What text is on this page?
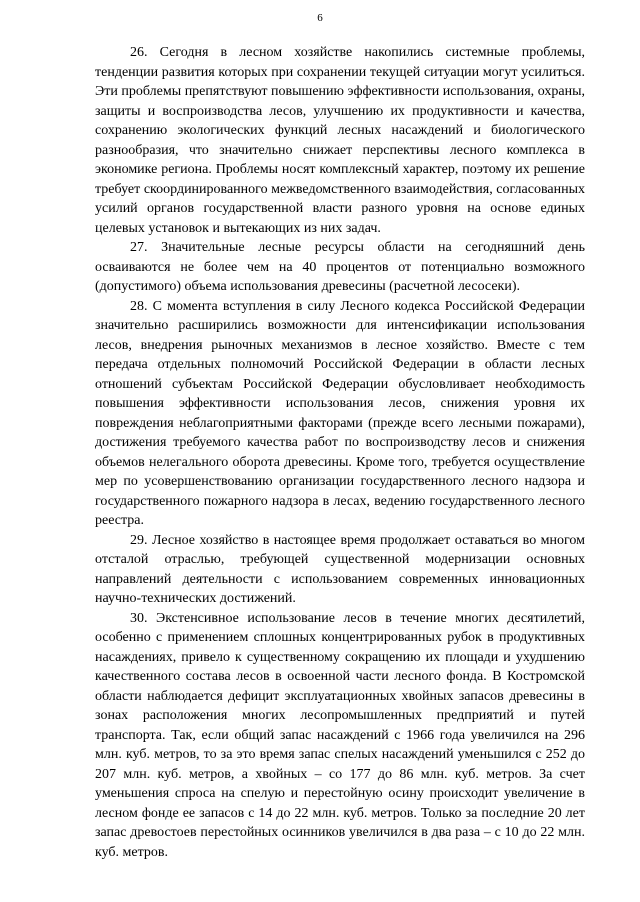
6

26. Сегодня в лесном хозяйстве накопились системные проблемы, тенденции развития которых при сохранении текущей ситуации могут усилиться. Эти проблемы препятствуют повышению эффективности использования, охраны, защиты и воспроизводства лесов, улучшению их продуктивности и качества, сохранению экологических функций лесных насаждений и биологического разнообразия, что значительно снижает перспективы лесного комплекса в экономике региона. Проблемы носят комплексный характер, поэтому их решение требует скоординированного межведомственного взаимодействия, согласованных усилий органов государственной власти разного уровня на основе единых целевых установок и вытекающих из них задач.

27. Значительные лесные ресурсы области на сегодняшний день осваиваются не более чем на 40 процентов от потенциально возможного (допустимого) объема использования древесины (расчетной лесосеки).

28. С момента вступления в силу Лесного кодекса Российской Федерации значительно расширились возможности для интенсификации использования лесов, внедрения рыночных механизмов в лесное хозяйство. Вместе с тем передача отдельных полномочий Российской Федерации в области лесных отношений субъектам Российской Федерации обусловливает необходимость повышения эффективности использования лесов, снижения уровня их повреждения неблагоприятными факторами (прежде всего лесными пожарами), достижения требуемого качества работ по воспроизводству лесов и снижения объемов нелегального оборота древесины. Кроме того, требуется осуществление мер по усовершенствованию организации государственного лесного надзора и государственного пожарного надзора в лесах, ведению государственного лесного реестра.

29. Лесное хозяйство в настоящее время продолжает оставаться во многом отсталой отраслью, требующей существенной модернизации основных направлений деятельности с использованием современных инновационных научно-технических достижений.

30. Экстенсивное использование лесов в течение многих десятилетий, особенно с применением сплошных концентрированных рубок в продуктивных насаждениях, привело к существенному сокращению их площади и ухудшению качественного состава лесов в освоенной части лесного фонда. В Костромской области наблюдается дефицит эксплуатационных хвойных запасов древесины в зонах расположения многих лесопромышленных предприятий и путей транспорта. Так, если общий запас насаждений с 1966 года увеличился на 296 млн. куб. метров, то за это время запас спелых насаждений уменьшился с 252 до 207 млн. куб. метров, а хвойных – со 177 до 86 млн. куб. метров. За счет уменьшения спроса на спелую и перестойную осину происходит увеличение в лесном фонде ее запасов с 14 до 22 млн. куб. метров. Только за последние 20 лет запас древостоев перестойных осинников увеличился в два раза – с 10 до 22 млн. куб. метров.
